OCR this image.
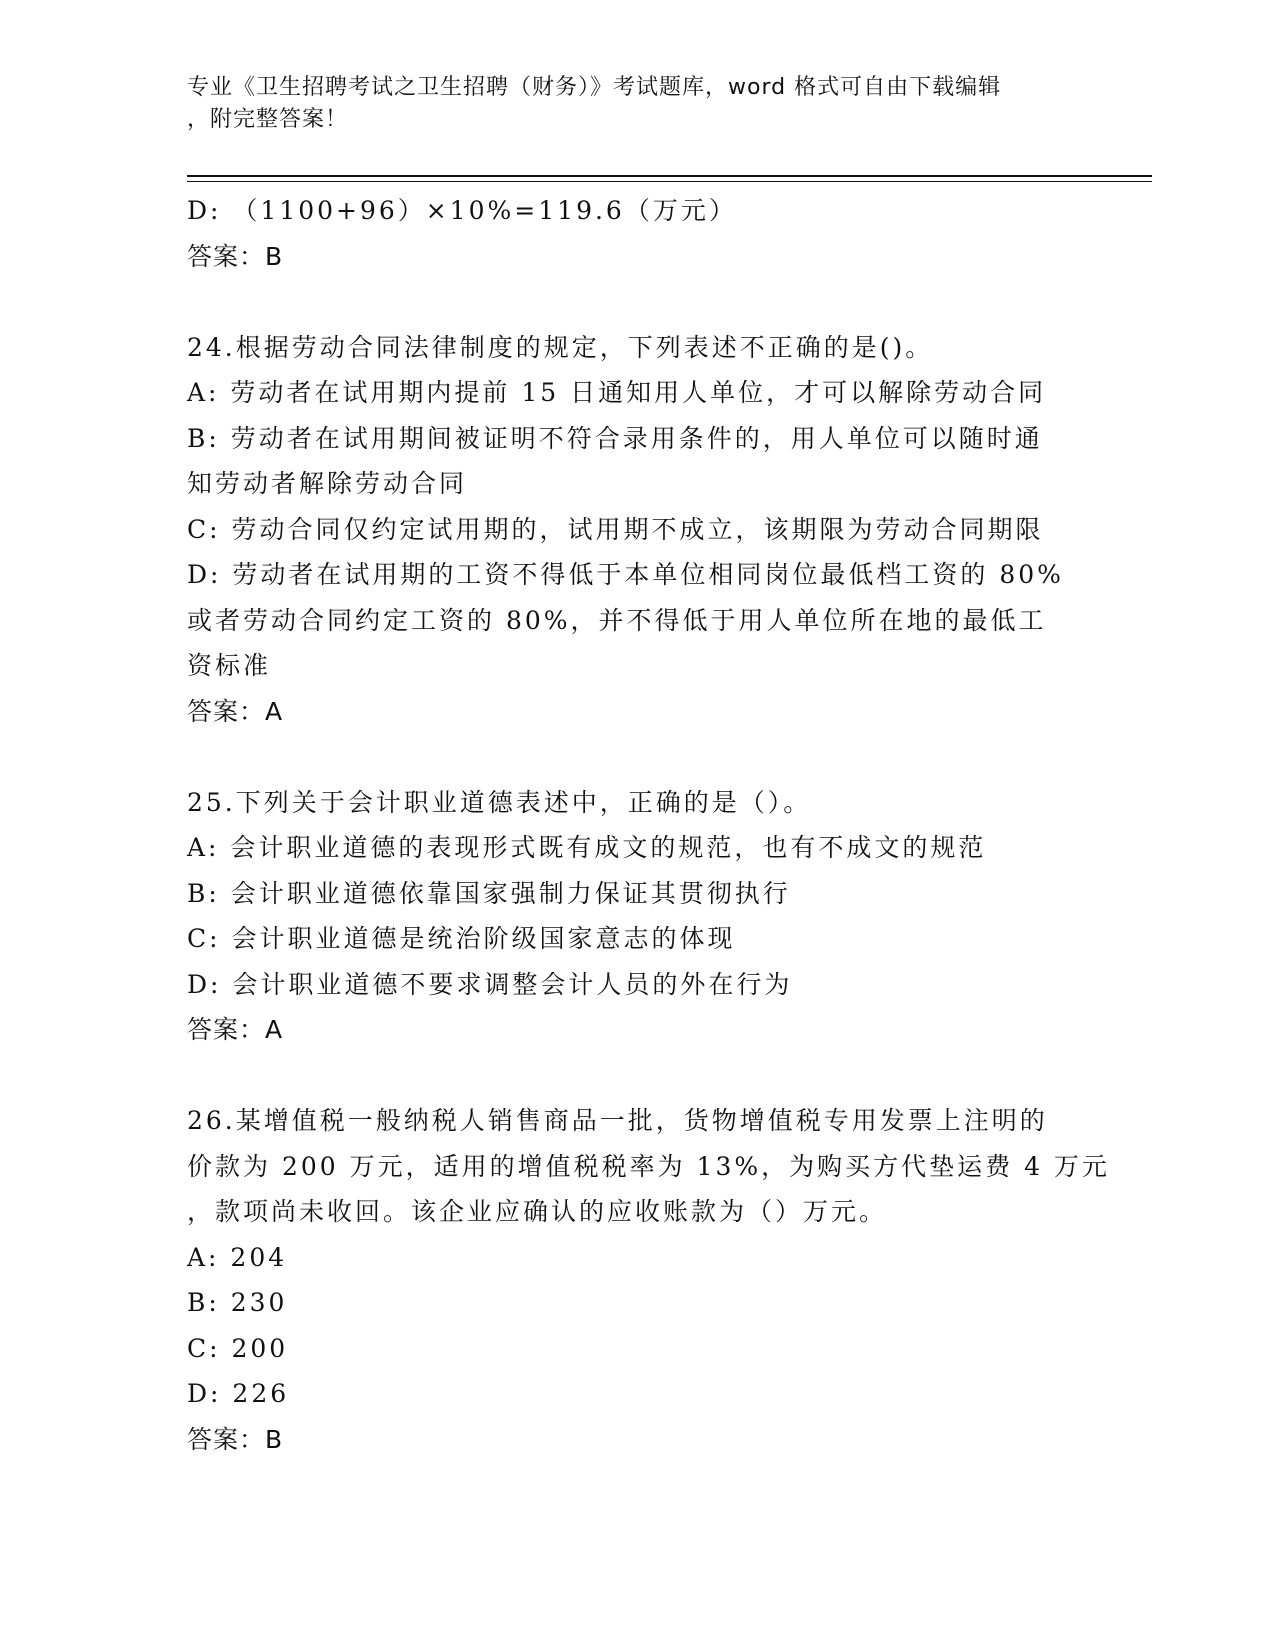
专业《卫生招聘考试之卫生招聘（财务）》考试题库，word 格式可自由下载编辑
，附完整答案！
D: （1100+96）×10%=119.6（万元）
答案：B
24.根据劳动合同法律制度的规定，下列表述不正确的是()。
A: 劳动者在试用期内提前 15 日通知用人单位，才可以解除劳动合同
B: 劳动者在试用期间被证明不符合录用条件的，用人单位可以随时通
知劳动者解除劳动合同
C: 劳动合同仅约定试用期的，试用期不成立，该期限为劳动合同期限
D: 劳动者在试用期的工资不得低于本单位相同岗位最低档工资的 80%
或者劳动合同约定工资的 80%，并不得低于用人单位所在地的最低工
资标准
答案：A
25.下列关于会计职业道德表述中，正确的是（）。
A: 会计职业道德的表现形式既有成文的规范，也有不成文的规范
B: 会计职业道德依靠国家强制力保证其贯彻执行
C: 会计职业道德是统治阶级国家意志的体现
D: 会计职业道德不要求调整会计人员的外在行为
答案：A
26.某增值税一般纳税人销售商品一批，货物增值税专用发票上注明的
价款为 200 万元，适用的增值税税率为 13%，为购买方代垫运费 4 万元
，款项尚未收回。该企业应确认的应收账款为（）万元。
A: 204
B: 230
C: 200
D: 226
答案：B
